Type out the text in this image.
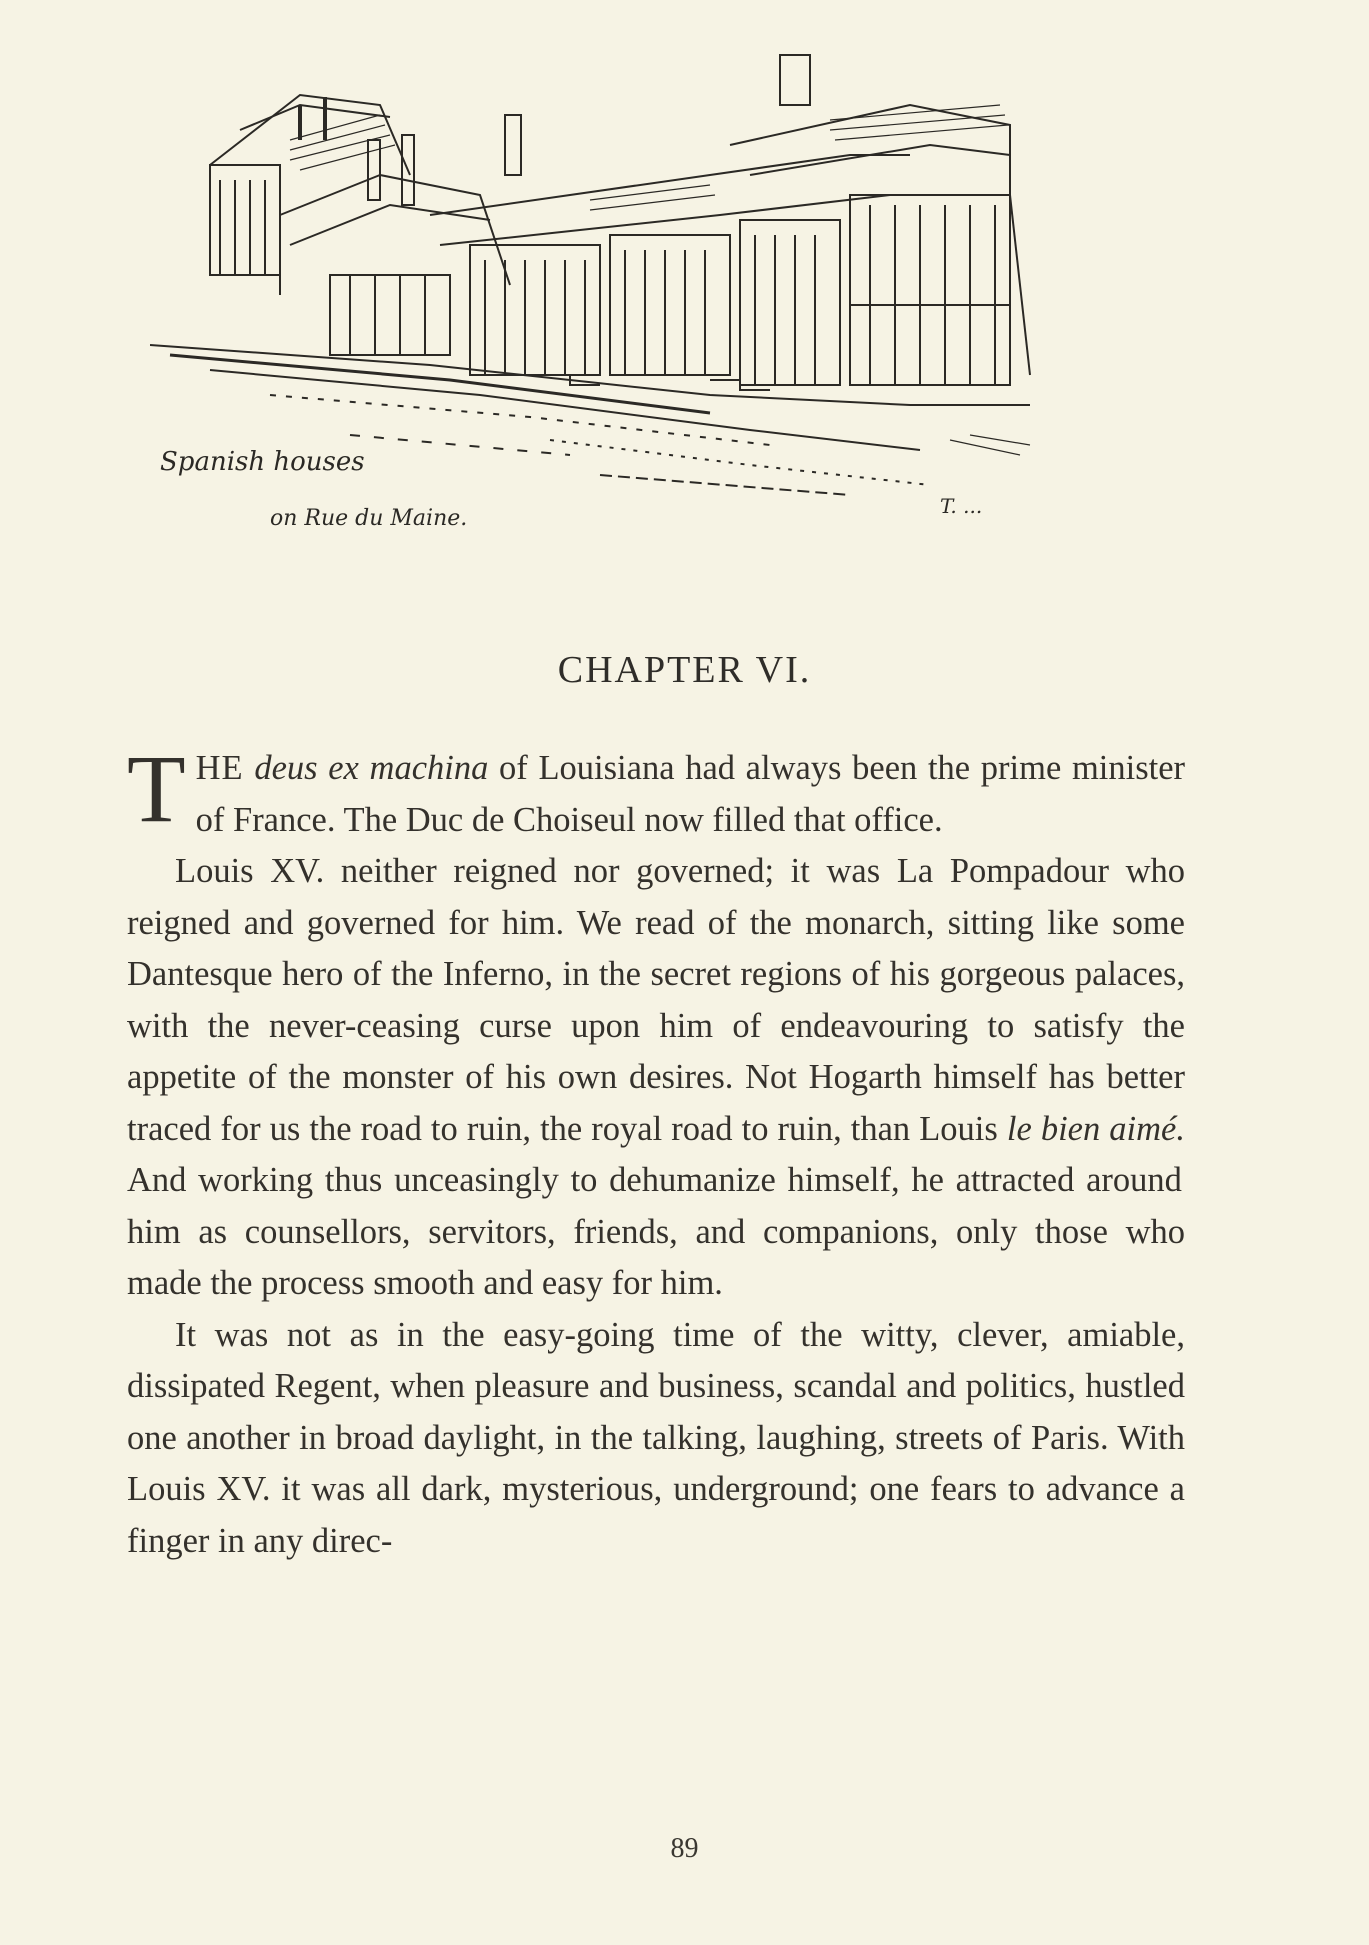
Spanish houses
on Rue du Maine.	T. ...
CHAPTER VI.

THE deus ex machina of Louisiana had always been the prime minister of France. The Duc de Choiseul now filled that office.

Louis XV. neither reigned nor governed; it was La Pompadour who reigned and governed for him. We read of the monarch, sitting like some Dantesque hero of the Inferno, in the secret regions of his gorgeous palaces, with the never-ceasing curse upon him of endeavouring to satisfy the appetite of the monster of his own desires. Not Hogarth himself has better traced for us the road to ruin, the royal road to ruin, than Louis le bien aimé. And working thus unceasingly to dehumanize himself, he attracted around him as counsellors, servitors, friends, and companions, only those who made the process smooth and easy for him.

It was not as in the easy-going time of the witty, clever, amiable, dissipated Regent, when pleasure and business, scandal and politics, hustled one another in broad daylight, in the talking, laughing, streets of Paris. With Louis XV. it was all dark, mysterious, underground; one fears to advance a finger in any direc-

89
